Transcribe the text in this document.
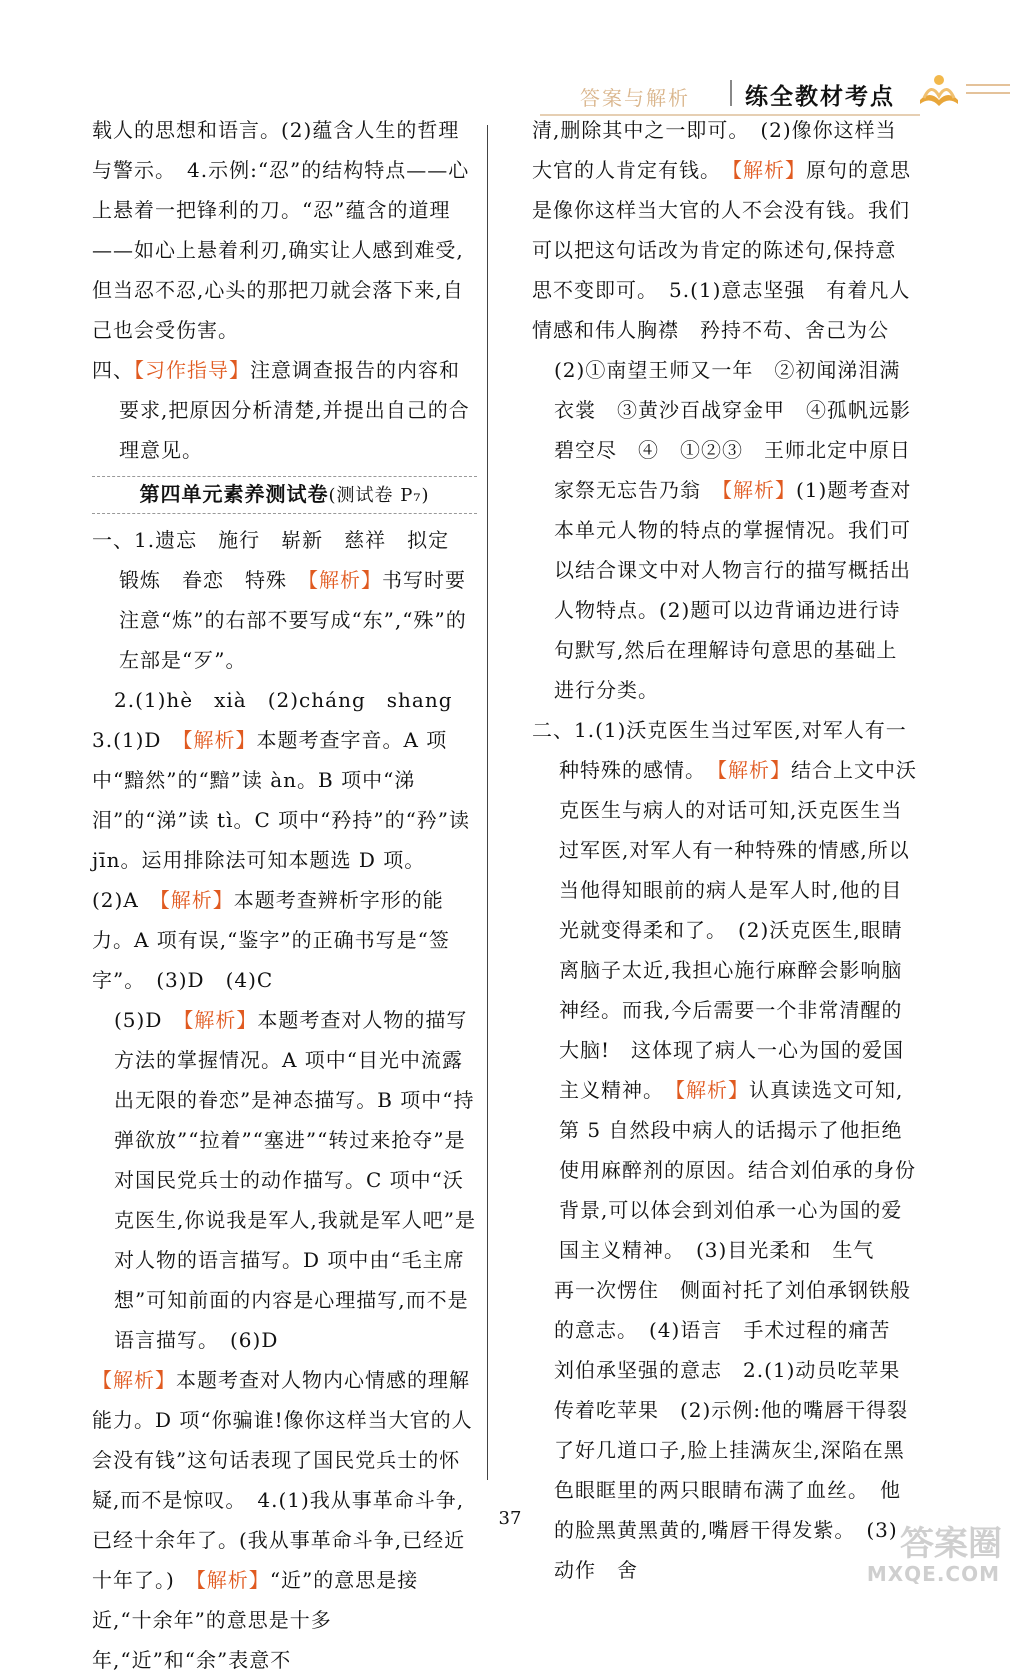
答案与解析 练全教材考点

载人的思想和语言。(2)蕴含人生的哲理与警示。　4.示例:“忍”的结构特点——心上悬着一把锋利的刀。“忍”蕴含的道理——如心上悬着利刃,确实让人感到难受,但当忍不忍,心头的那把刀就会落下来,自己也会受伤害。

四、【习作指导】注意调查报告的内容和要求,把原因分析清楚,并提出自己的合理意见。

第四单元素养测试卷(测试卷 P₇)

一、1.遗忘　施行　崭新　慈祥　拟定　锻炼　眷恋　特殊　【解析】书写时要注意“炼”的右部不要写成“东”,“殊”的左部是“歹”。

2.(1)hè　xià　(2)cháng　shang

3.(1)D　【解析】本题考查字音。A 项中“黯然”的“黯”读 àn。B 项中“涕泪”的“涕”读 tì。C 项中“矜持”的“矜”读 jīn。运用排除法可知本题选 D 项。　(2)A　【解析】本题考查辨析字形的能力。A 项有误,“鉴字”的正确书写是“签字”。　(3)D　(4)C

(5)D　【解析】本题考查对人物的描写方法的掌握情况。A 项中“目光中流露出无限的眷恋”是神态描写。B 项中“持弹欲放”“拉着”“塞进”“转过来抢夺”是对国民党兵士的动作描写。C 项中“沃克医生,你说我是军人,我就是军人吧”是对人物的语言描写。D 项中由“毛主席想”可知前面的内容是心理描写,而不是语言描写。　(6)D

【解析】本题考查对人物内心情感的理解能力。D 项“你骗谁!像你这样当大官的人会没有钱”这句话表现了国民党兵士的怀疑,而不是惊叹。　4.(1)我从事革命斗争,已经十余年了。(我从事革命斗争,已经近十年了。)　【解析】“近”的意思是接近,“十余年”的意思是十多年,“近”和“余”表意不

清,删除其中之一即可。　(2)像你这样当大官的人肯定有钱。　【解析】原句的意思是像你这样当大官的人不会没有钱。我们可以把这句话改为肯定的陈述句,保持意思不变即可。　5.(1)意志坚强　有着凡人情感和伟人胸襟　矜持不苟、舍己为公

(2)①南望王师又一年　②初闻涕泪满衣裳　③黄沙百战穿金甲　④孤帆远影碧空尽　④　①②③　王师北定中原日　家祭无忘告乃翁　【解析】(1)题考查对本单元人物的特点的掌握情况。我们可以结合课文中对人物言行的描写概括出人物特点。(2)题可以边背诵边进行诗句默写,然后在理解诗句意思的基础上进行分类。

二、1.(1)沃克医生当过军医,对军人有一种特殊的感情。　【解析】结合上文中沃克医生与病人的对话可知,沃克医生当过军医,对军人有一种特殊的情感,所以当他得知眼前的病人是军人时,他的目光就变得柔和了。　(2)沃克医生,眼睛离脑子太近,我担心施行麻醉会影响脑神经。而我,今后需要一个非常清醒的大脑!　这体现了病人一心为国的爱国主义精神。　【解析】认真读选文可知,第 5 自然段中病人的话揭示了他拒绝使用麻醉剂的原因。结合刘伯承的身份背景,可以体会到刘伯承一心为国的爱国主义精神。　(3)目光柔和　生气

再一次愣住　侧面衬托了刘伯承钢铁般的意志。　(4)语言　手术过程的痛苦　刘伯承坚强的意志　2.(1)动员吃苹果　传着吃苹果　(2)示例:他的嘴唇干得裂了好几道口子,脸上挂满灰尘,深陷在黑色眼眶里的两只眼睛布满了血丝。　他的脸黑黄黑黄的,嘴唇干得发紫。　(3)动作　舍

37
答案圈
MXQE.COM
